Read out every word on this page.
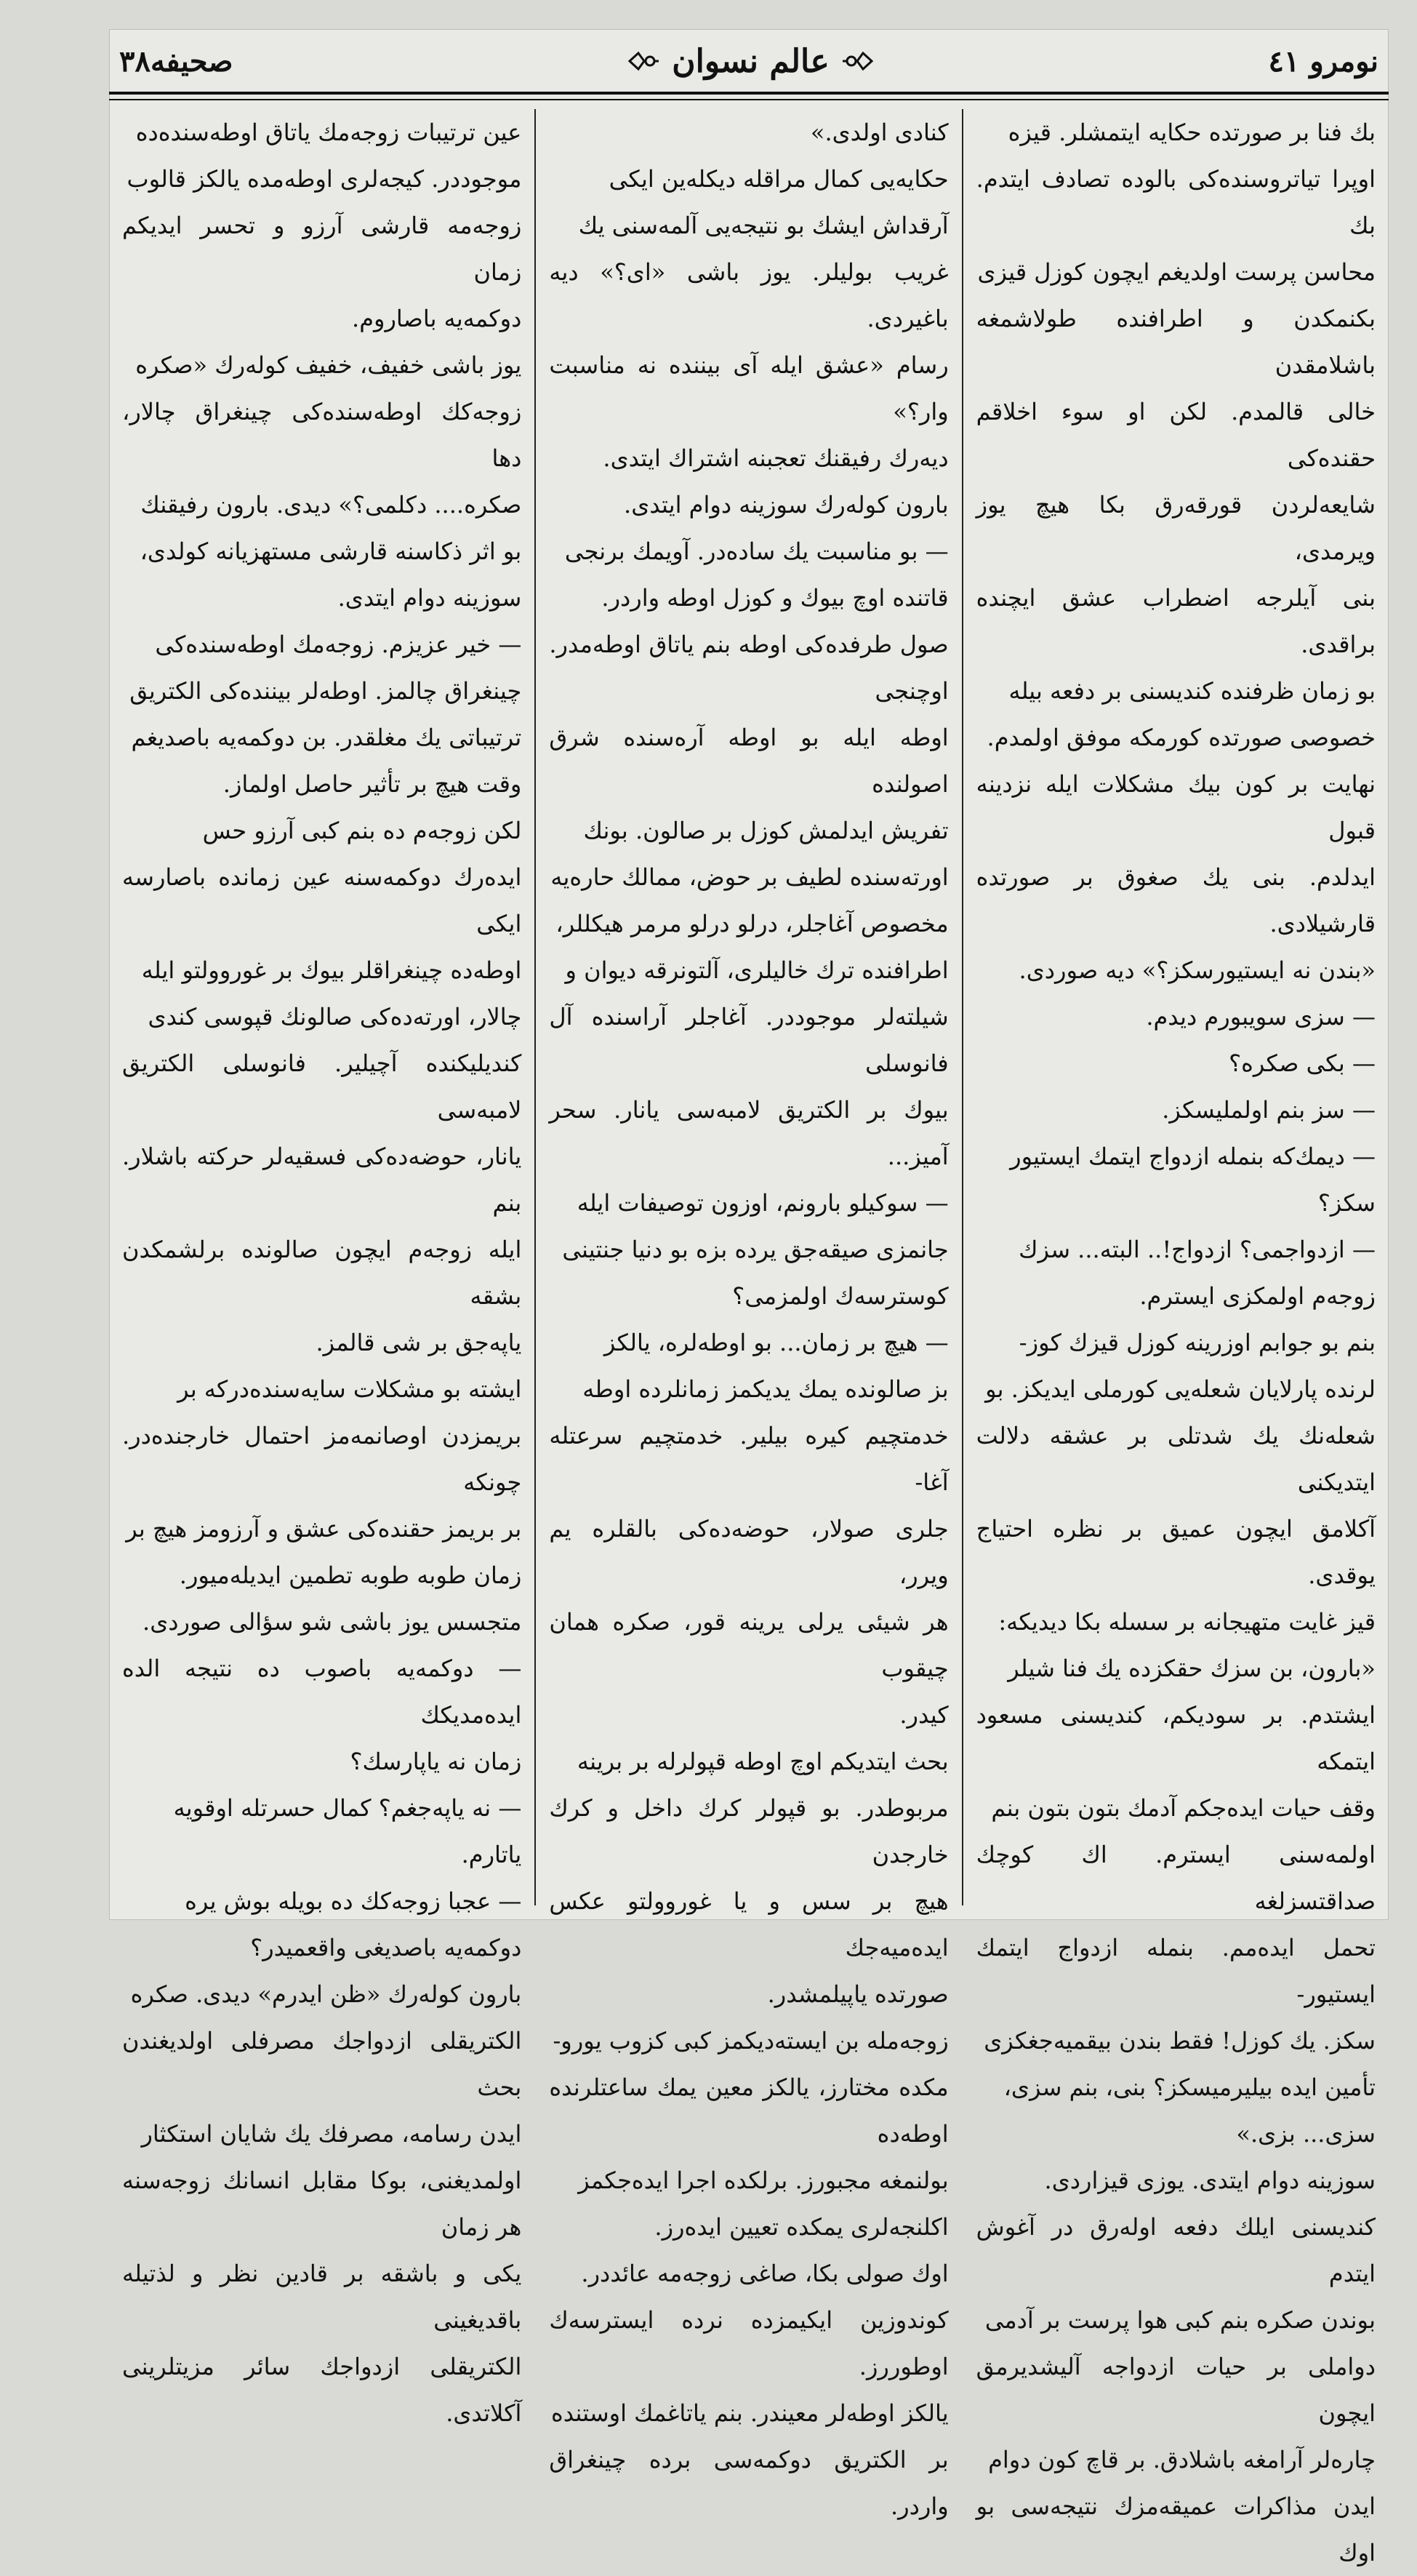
صحيفه٣٨	عالم نسوان	نومرو ٤١

عين ترتيبات زوجه‌مك ياتاق اوطه‌سنده‌ده

موجوددر. كيجه‌لرى اوطه‌مده يالكز قالوب

زوجه‌مه قارشى آرزو و تحسر ايديكم زمان

دوكمه‌يه باصاروم.

يوز باشى خفيف، خفيف كوله‌رك «صكره

زوجه‌كك اوطه‌سنده‌كى چينغراق چالار، دها

صكره.... دكلمى؟» ديدى. بارون رفيقنك

بو اثر ذكاسنه قارشى مستهزيانه كولدى،

سوزينه دوام ايتدى.

— خير عزيزم. زوجه‌مك اوطه‌سنده‌كى

چينغراق چالمز. اوطه‌لر بيننده‌كى الكتريق

ترتيباتى يك مغلقدر. بن دوكمه‌يه باصديغم

وقت هيچ بر تأثير حاصل اولماز.

لكن زوجه‌م ده بنم كبى آرزو حس

ايده‌رك دوكمه‌سنه عين زمانده باصارسه ايكى

اوطه‌ده چينغراقلر بيوك بر غوروولتو ايله

چالار، اورته‌ده‌كى صالونك قپوسى كندى

كنديليكنده آچيلير. فانوسلى الكتريق لامبه‌سى

يانار، حوضه‌ده‌كى فسقيه‌لر حركته باشلار. بنم

ايله زوجه‌م ايچون صالونده برلشمكدن بشقه

ياپه‌جق بر شى قالمز.

ايشته بو مشكلات سايه‌سنده‌دركه بر

بريمزدن اوصانمه‌مز احتمال خارجنده‌در. چونكه

بر بريمز حقنده‌كى عشق و آرزومز هيچ بر

زمان طوبه طوبه تطمين ايديله‌ميور.

متجسس يوز باشى شو سؤالى صوردى.

— دوكمه‌يه باصوب ده نتيجه الده ايده‌مديكك

زمان نه ياپارسك؟

— نه ياپه‌جغم؟ كمال حسرتله اوقويه

ياتارم.

— عجبا زوجه‌كك ده بويله بوش يره

دوكمه‌يه باصديغى واقعميدر؟

بارون كوله‌رك «ظن ايدرم» ديدى. صكره

الكتريقلى ازدواجك مصرفلى اولديغندن بحث

ايدن رسامه، مصرفك يك شايان استكثار

اولمديغنى، بوكا مقابل انسانك زوجه‌سنه هر زمان

يكى و باشقه بر قادين نظر و لذتيله باقديغينى

الكتريقلى ازدواجك سائر مزيتلرينى آكلاتدى.

كنادى اولدى.»

حكايه‌يى كمال مراقله ديكله‌ين ايكى

آرقداش ايشك بو نتيجه‌يى آلمه‌سنى يك

غريب بوليلر. يوز باشى «اى؟» ديه باغيردى.

رسام «عشق ايله آى بيننده نه مناسبت وار؟»

ديه‌رك رفيقنك تعجبنه اشتراك ايتدى.

بارون كوله‌رك سوزينه دوام ايتدى.

— بو مناسبت يك ساده‌در. آويمك برنجى

قاتنده اوچ بيوك و كوزل اوطه واردر.

صول طرفده‌كى اوطه بنم ياتاق اوطه‌مدر. اوچنجى

اوطه ايله بو اوطه آره‌سنده شرق اصولنده

تفريش ايدلمش كوزل بر صالون. بونك

اورته‌سنده لطيف بر حوض، ممالك حاره‌يه

مخصوص آغاجلر، درلو درلو مرمر هيكللر،

اطرافنده ترك خاليلرى، آلتونرقه ديوان و

شيلته‌لر موجوددر. آغاجلر آراسنده آل فانوسلى

بيوك بر الكتريق لامبه‌سى يانار. سحر آميز...

— سوكيلو بارونم، اوزون توصيفات ايله

جانمزى صيقه‌جق يرده بزه بو دنيا جنتينى

كوسترسه‌ك اولمزمى؟

— هيچ بر زمان... بو اوطه‌لره، يالكز

بز صالونده يمك يديكمز زمانلرده اوطه

خدمتچيم كيره بيلير. خدمتچيم سرعتله آغا-

جلرى صولار، حوضه‌ده‌كى بالقلره يم ويرر،

هر شيئى يرلى يرينه قور، صكره همان چيقوب

كيدر.

بحث ايتديكم اوچ اوطه قپولرله بر برينه

مربوطدر. بو قپولر كرك داخل و كرك خارجدن

هيچ بر سس و يا غوروولتو عكس ايده‌ميه‌جك

صورتده ياپيلمشدر.

زوجه‌مله بن ايسته‌ديكمز كبى كزوب يورو-

مكده مختارز، يالكز معين يمك ساعتلرنده اوطه‌ده

بولنمغه مجبورز. برلكده اجرا ايده‌جكمز

اكلنجه‌لرى يمكده تعيين ايده‌رز.

اوك صولى بكا، صاغى زوجه‌مه عائددر.

كوندوزين ايكيمزده نرده ايسترسه‌ك اوطوررز.

يالكز اوطه‌لر معيندر. بنم ياتاغمك اوستنده

بر الكتريق دوكمه‌سى برده چينغراق واردر.

بك فنا بر صورتده حكايه ايتمشلر. قيزه

اوپرا تياتروسنده‌كى بالوده تصادف ايتدم. بك

محاسن پرست اولديغم ايچون كوزل قيزى

بكنمكدن و اطرافنده طولاشمغه باشلامقدن

خالى قالمدم. لكن او سوء اخلاقم حقنده‌كى

شايعه‌لردن قورقه‌رق بكا هيچ يوز ويرمدى،

بنى آيلرجه اضطراب عشق ايچنده براقدى.

بو زمان ظرفنده كنديسنى بر دفعه بيله

خصوصى صورتده كورمكه موفق اولمدم.

نهايت بر كون بيك مشكلات ايله نزدينه قبول

ايدلدم. بنى يك صغوق بر صورتده قارشيلادى.

«بندن نه ايستيورسكز؟» ديه صوردى.

— سزى سويبورم ديدم.

— بكى صكره؟

— سز بنم اولمليسكز.

— ديمك‌كه بنمله ازدواج ايتمك ايستيور

سكز؟

— ازدواجمى؟ ازدواج!.. البته... سزك

زوجه‌م اولمكزى ايسترم.

بنم بو جوابم اوزرينه كوزل قيزك كوز-

لرنده پارلايان شعله‌يى كورملى ايديكز. بو

شعله‌نك يك شدتلى بر عشقه دلالت ايتديكنى

آكلامق ايچون عميق بر نظره احتياج يوقدى.

قيز غايت متهيجانه بر سسله بكا ديديكه:

«بارون، بن سزك حقكزده يك فنا شيلر

ايشتدم. بر سوديكم، كنديسنى مسعود ايتمكه

وقف حيات ايده‌جكم آدمك بتون بتون بنم

اولمه‌سنى ايسترم. اك كوچك صداقتسزلغه

تحمل ايده‌مم. بنمله ازدواج ايتمك ايستيور-

سكز. يك كوزل! فقط بندن بيقميه‌جغكزى

تأمين ايده بيليرميسكز؟ بنى، بنم سزى،

سزى... بزى.»

سوزينه دوام ايتدى. يوزى قيزاردى.

كنديسنى ايلك دفعه اوله‌رق در آغوش ايتدم

بوندن صكره بنم كبى هوا پرست بر آدمى

دواملى بر حيات ازدواجه آليشديرمق ايچون

چاره‌لر آرامغه باشلادق. بر قاچ كون دوام

ايدن مذاكرات عميقه‌مزك نتيجه‌سى بو اوك
